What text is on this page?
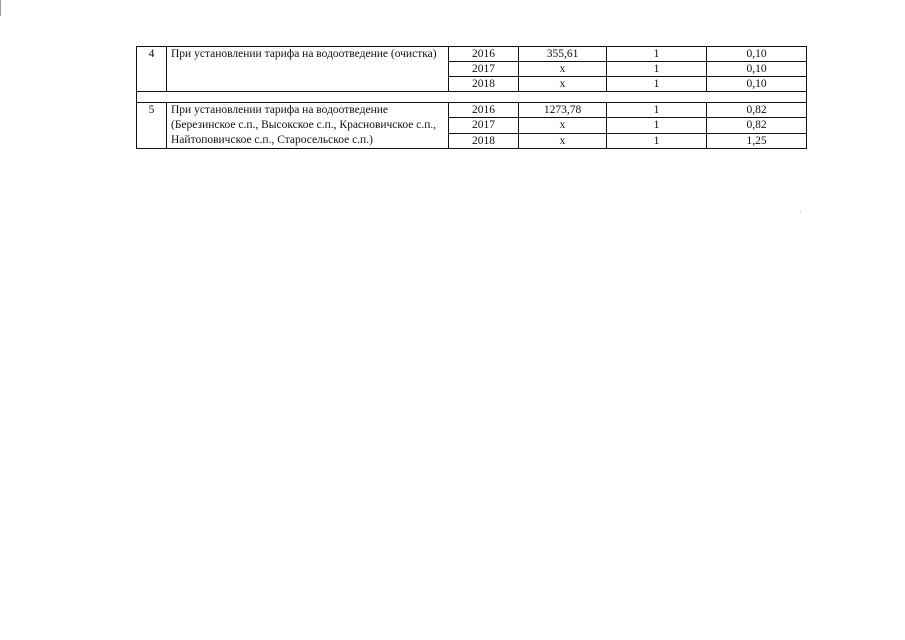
4	При установлении тарифа на водоотведение (очистка)	2016	355,61	1	0,10
		2017	х	1	0,10
		2018	х	1	0,10

5	При установлении тарифа на водоотведение (Березинское с.п., Высокское с.п., Красновичское с.п., Найтоповичское с.п., Старосельское с.п.)	2016	1273,78	1	0,82
		2017	х	1	0,82
		2018	х	1	1,25
